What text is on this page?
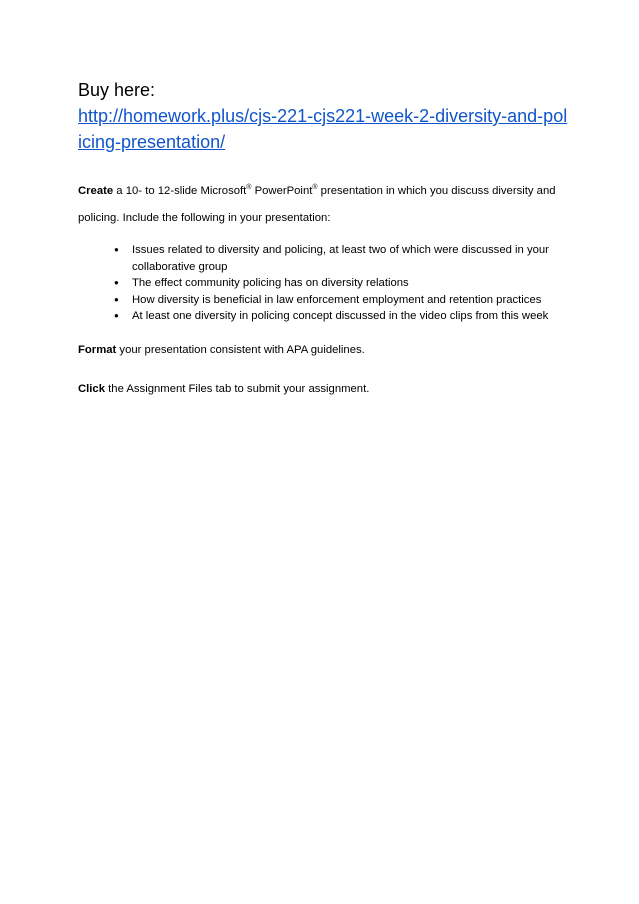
Buy here:

http://homework.plus/cjs-221-cjs221-week-2-diversity-and-policing-presentation/

Create a 10- to 12-slide Microsoft® PowerPoint® presentation in which you discuss diversity and policing. Include the following in your presentation:

● Issues related to diversity and policing, at least two of which were discussed in your collaborative group
● The effect community policing has on diversity relations
● How diversity is beneficial in law enforcement employment and retention practices
● At least one diversity in policing concept discussed in the video clips from this week

Format your presentation consistent with APA guidelines.

Click the Assignment Files tab to submit your assignment.
